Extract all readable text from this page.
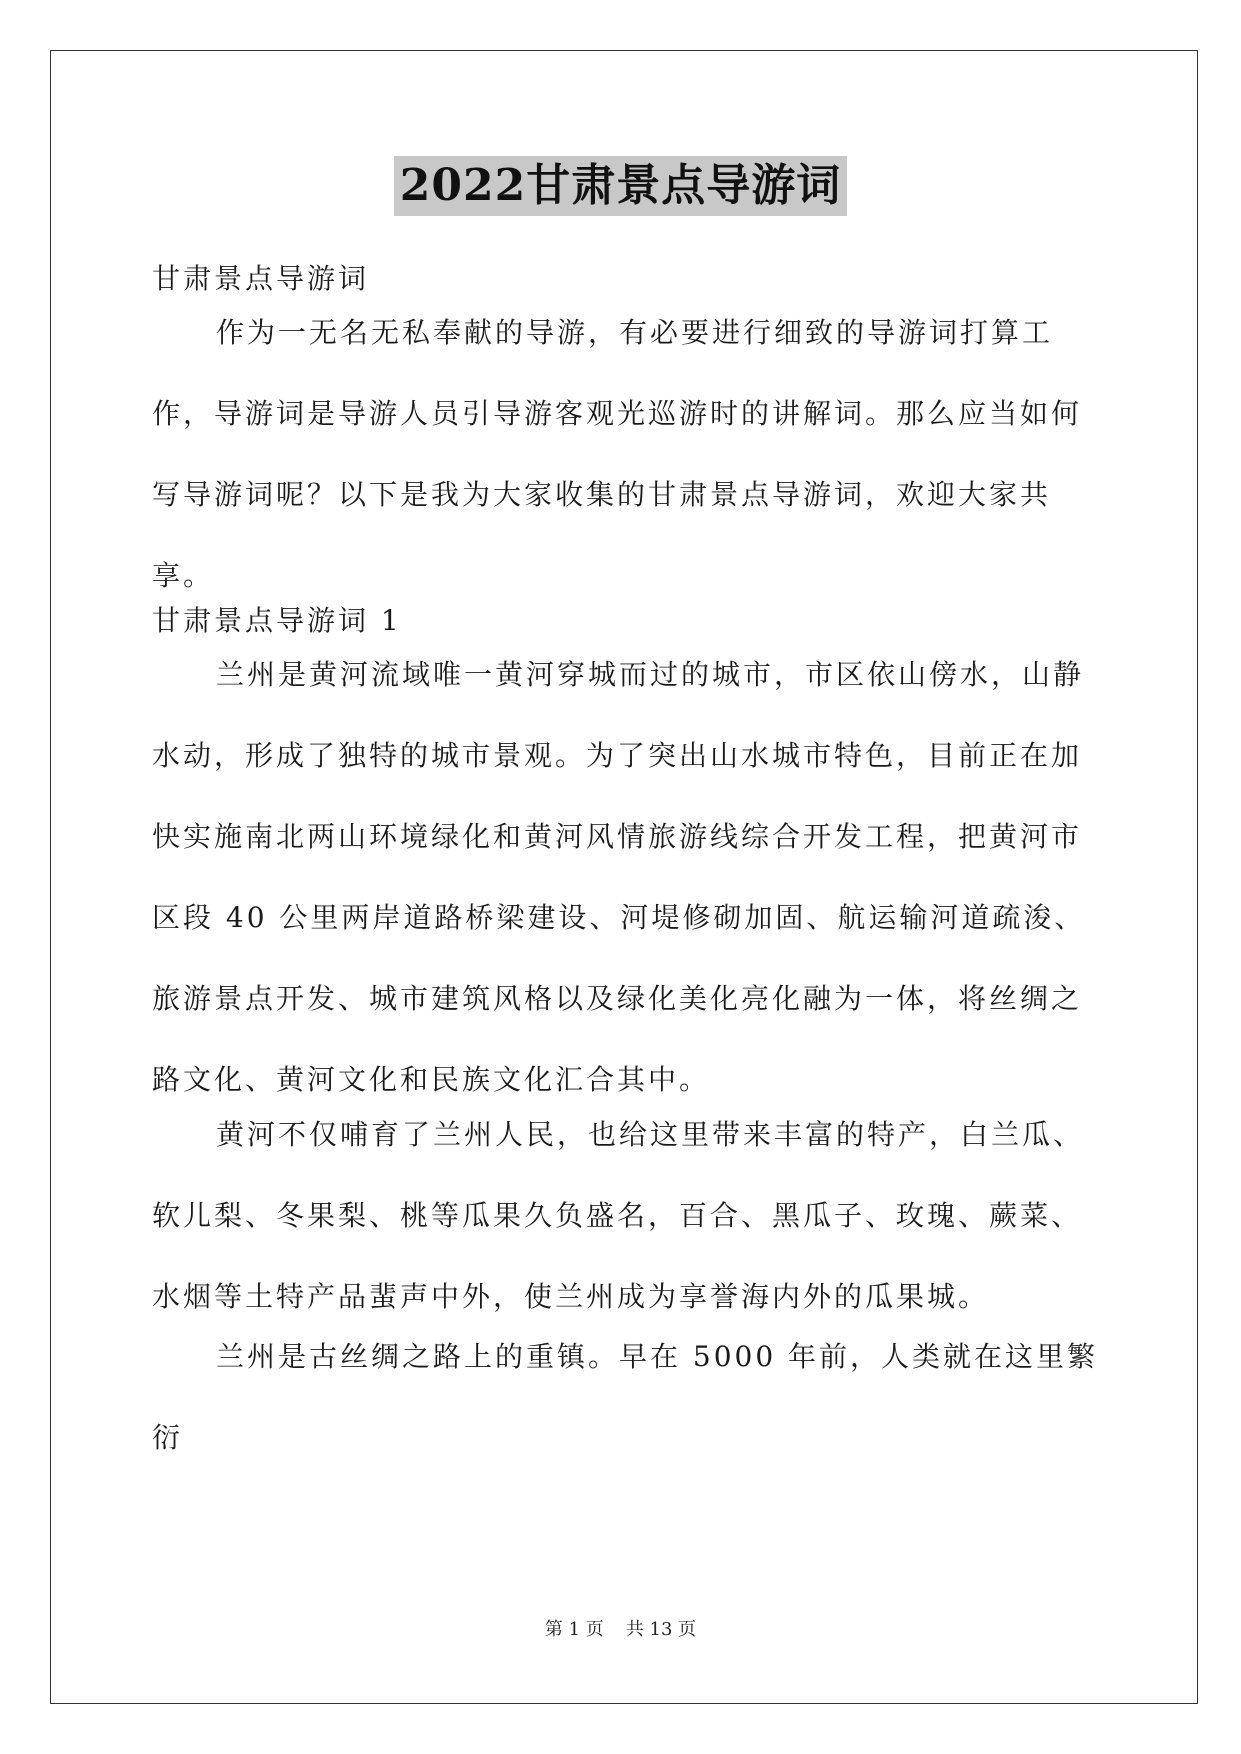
2022甘肃景点导游词

甘肃景点导游词

作为一无名无私奉献的导游，有必要进行细致的导游词打算工作，导游词是导游人员引导游客观光巡游时的讲解词。那么应当如何写导游词呢？以下是我为大家收集的甘肃景点导游词，欢迎大家共享。

甘肃景点导游词 1

兰州是黄河流域唯一黄河穿城而过的城市，市区依山傍水，山静水动，形成了独特的城市景观。为了突出山水城市特色，目前正在加快实施南北两山环境绿化和黄河风情旅游线综合开发工程，把黄河市区段 40 公里两岸道路桥梁建设、河堤修砌加固、航运输河道疏浚、旅游景点开发、城市建筑风格以及绿化美化亮化融为一体，将丝绸之路文化、黄河文化和民族文化汇合其中。

黄河不仅哺育了兰州人民，也给这里带来丰富的特产，白兰瓜、软儿梨、冬果梨、桃等瓜果久负盛名，百合、黑瓜子、玫瑰、蕨菜、水烟等土特产品蜚声中外，使兰州成为享誉海内外的瓜果城。

兰州是古丝绸之路上的重镇。早在 5000 年前，人类就在这里繁衍

第 1 页 共 13 页
